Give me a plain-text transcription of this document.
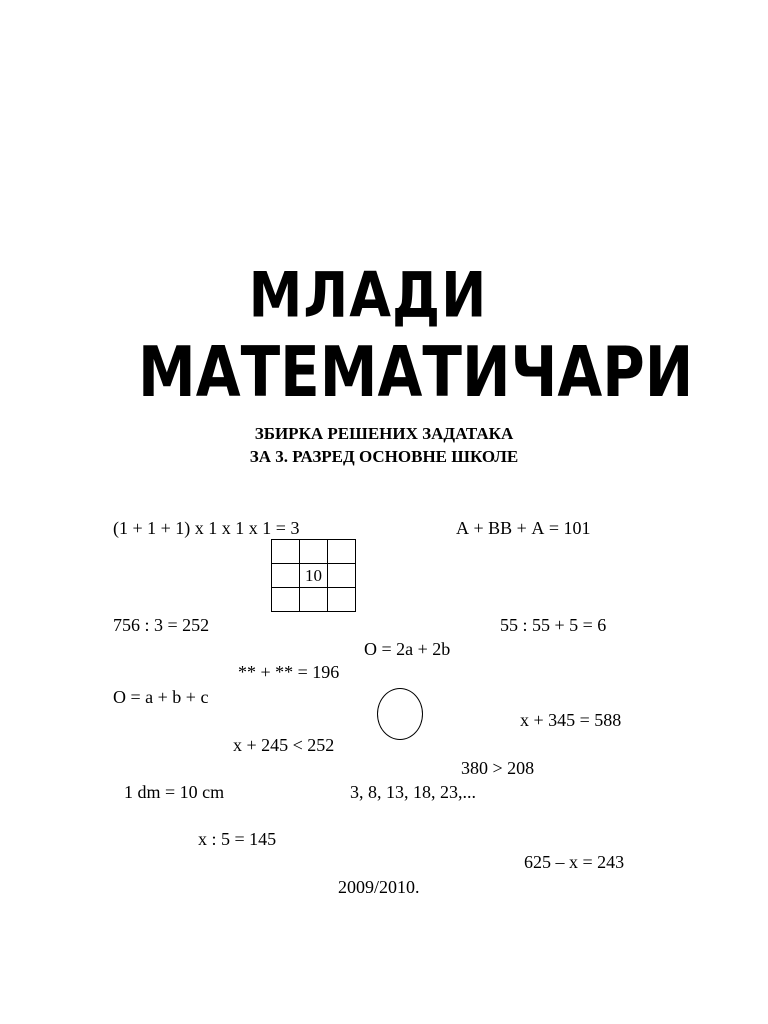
МЛАДИ
МАТЕМАТИЧАРИ
ЗБИРКА РЕШЕНИХ ЗАДАТАКА
ЗА 3. РАЗРЕД ОСНОВНЕ ШКОЛЕ
(1 + 1 + 1) x 1 x 1 x 1 = 3	А + ВВ + А = 101

	10	

756 : 3 = 252	55 : 55 + 5 = 6
О = 2а + 2b
** + ** = 196
О = а + b + c
x + 345 = 588
x + 245 < 252
380 > 208
1 dm = 10 cm	3, 8, 13, 18, 23,...
x : 5 = 145
625 – x = 243
2009/2010.
